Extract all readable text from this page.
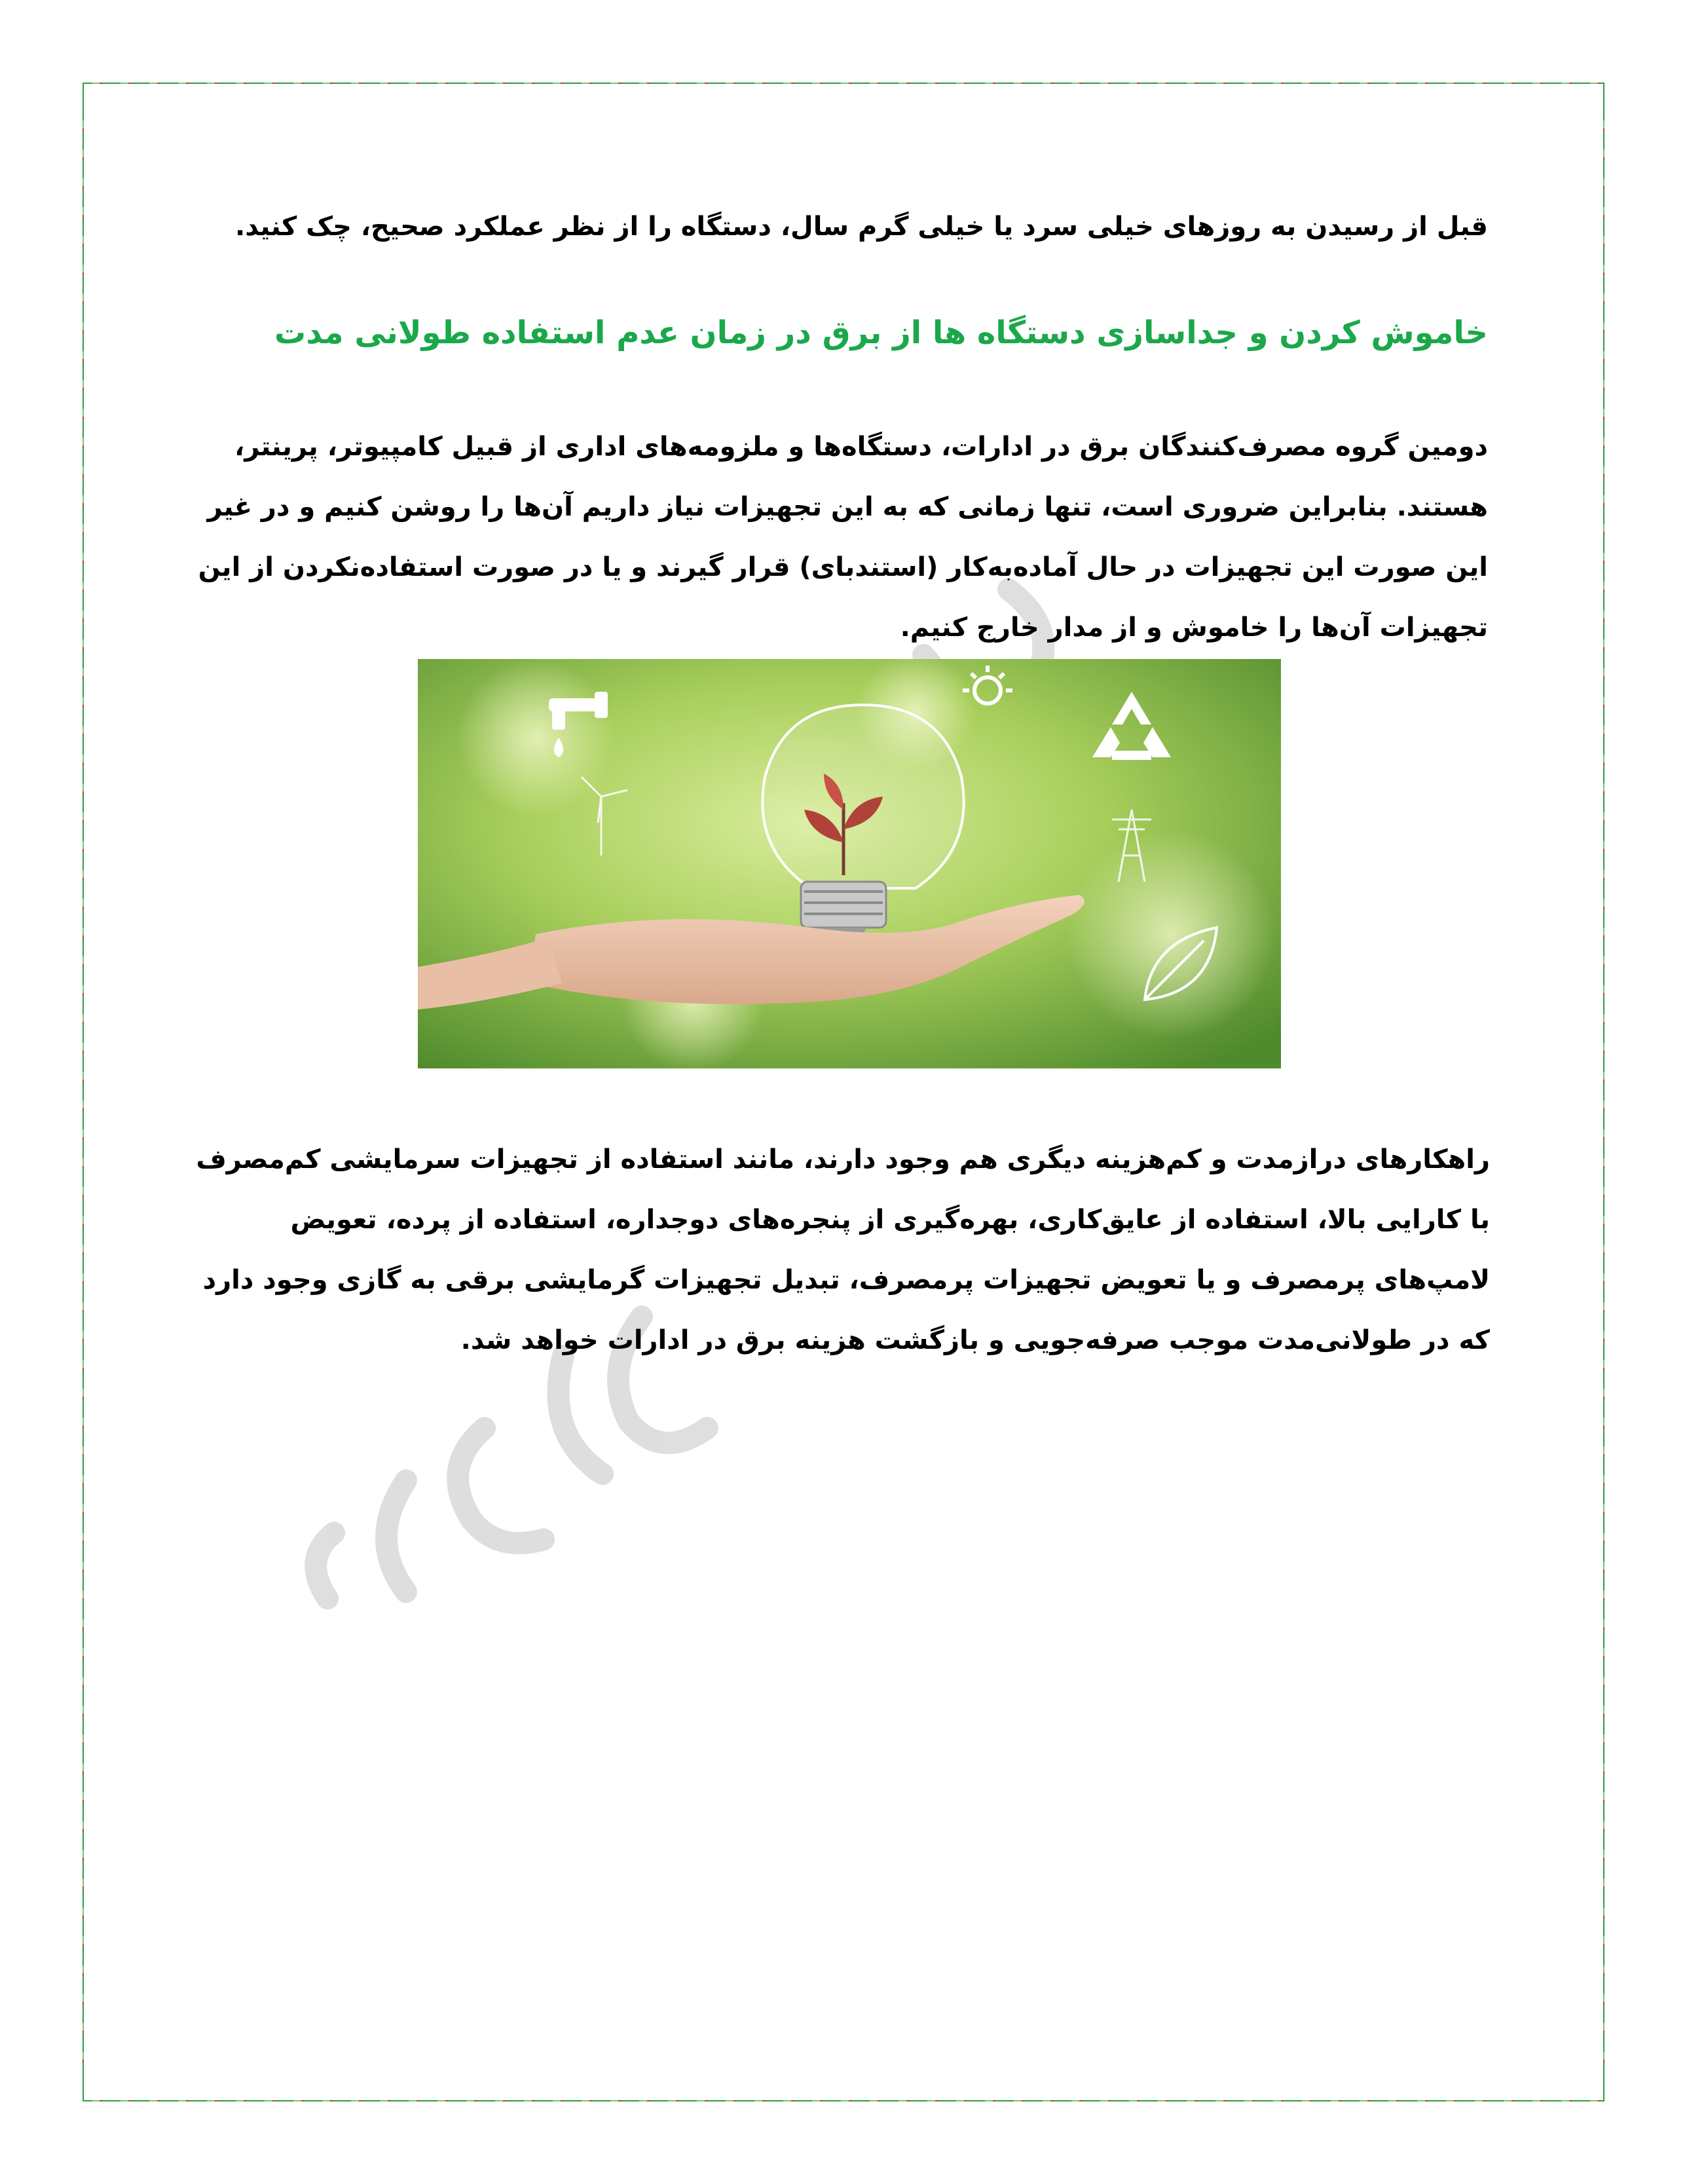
قبل از رسیدن به روزهای خیلی سرد یا خیلی گرم سال، دستگاه را از نظر عملکرد صحیح، چک کنید.
خاموش کردن و جداسازی دستگاه ها از برق در زمان عدم استفاده طولانی مدت
دومین گروه مصرف‌کنندگان برق در ادارات، دستگاه‌ها و ملزومه‌های اداری از قبیل کامپیوتر، پرینتر، هستند. بنابراین ضروری است، تنها زمانی که به این تجهیزات نیاز داریم آن‌ها را روشن کنیم و در غیر این صورت این تجهیزات در حال آماده‌به‌کار (استندبای) قرار گیرند و یا در صورت استفاده‌نکردن از این تجهیزات آن‌ها را خاموش و از مدار خارج کنیم.
راهکارهای درازمدت و کم‌هزینه دیگری هم وجود دارند، مانند استفاده از تجهیزات سرمایشی کم‌مصرف با کارایی بالا، استفاده از عایق‌کاری، بهره‌گیری از پنجره‌های دوجداره، استفاده از پرده، تعویض لامپ‌های پرمصرف و یا تعویض تجهیزات پرمصرف، تبدیل تجهیزات گرمایشی برقی به گازی وجود دارد که در طولانی‌مدت موجب صرفه‌جویی و بازگشت هزینه برق در ادارات خواهد شد.
